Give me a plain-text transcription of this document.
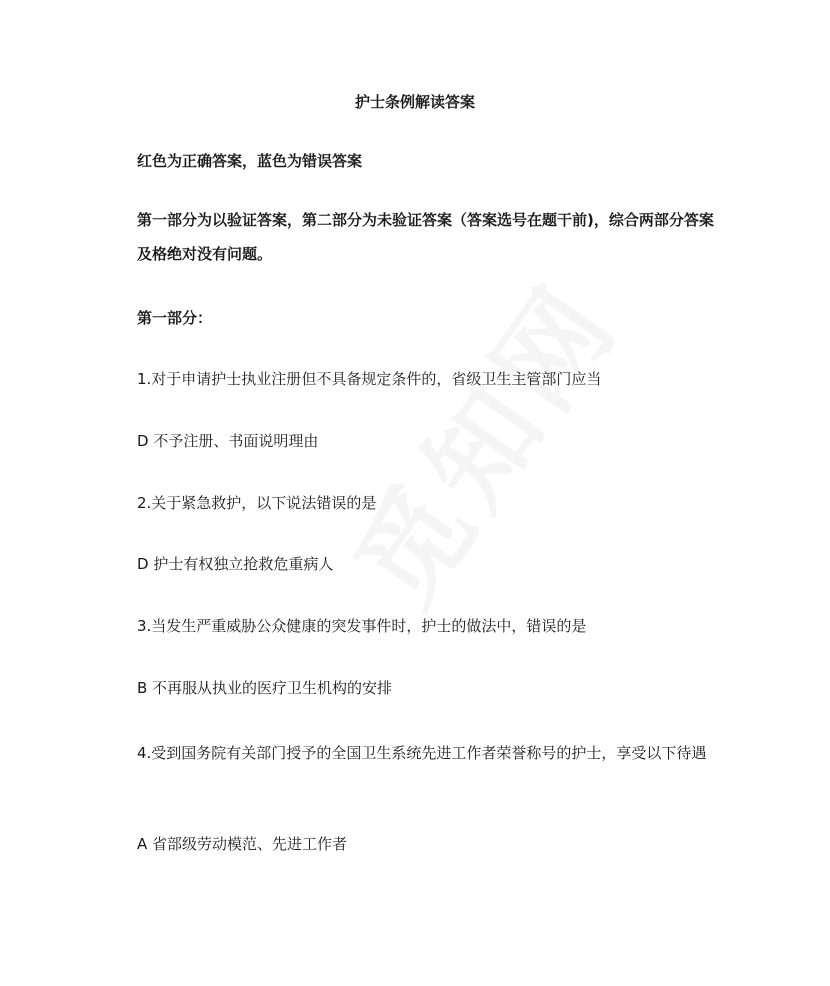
护士条例解读答案
红色为正确答案，蓝色为错误答案
第一部分为以验证答案，第二部分为未验证答案（答案选号在题干前)，综合两部分答案及格绝对没有问题。
第一部分：
1.对于申请护士执业注册但不具备规定条件的，省级卫生主管部门应当
D 不予注册、书面说明理由
2.关于紧急救护，以下说法错误的是
D 护士有权独立抢救危重病人
3.当发生严重威胁公众健康的突发事件时，护士的做法中，错误的是
B 不再服从执业的医疗卫生机构的安排
4.受到国务院有关部门授予的全国卫生系统先进工作者荣誉称号的护士，享受以下待遇
A 省部级劳动模范、先进工作者
